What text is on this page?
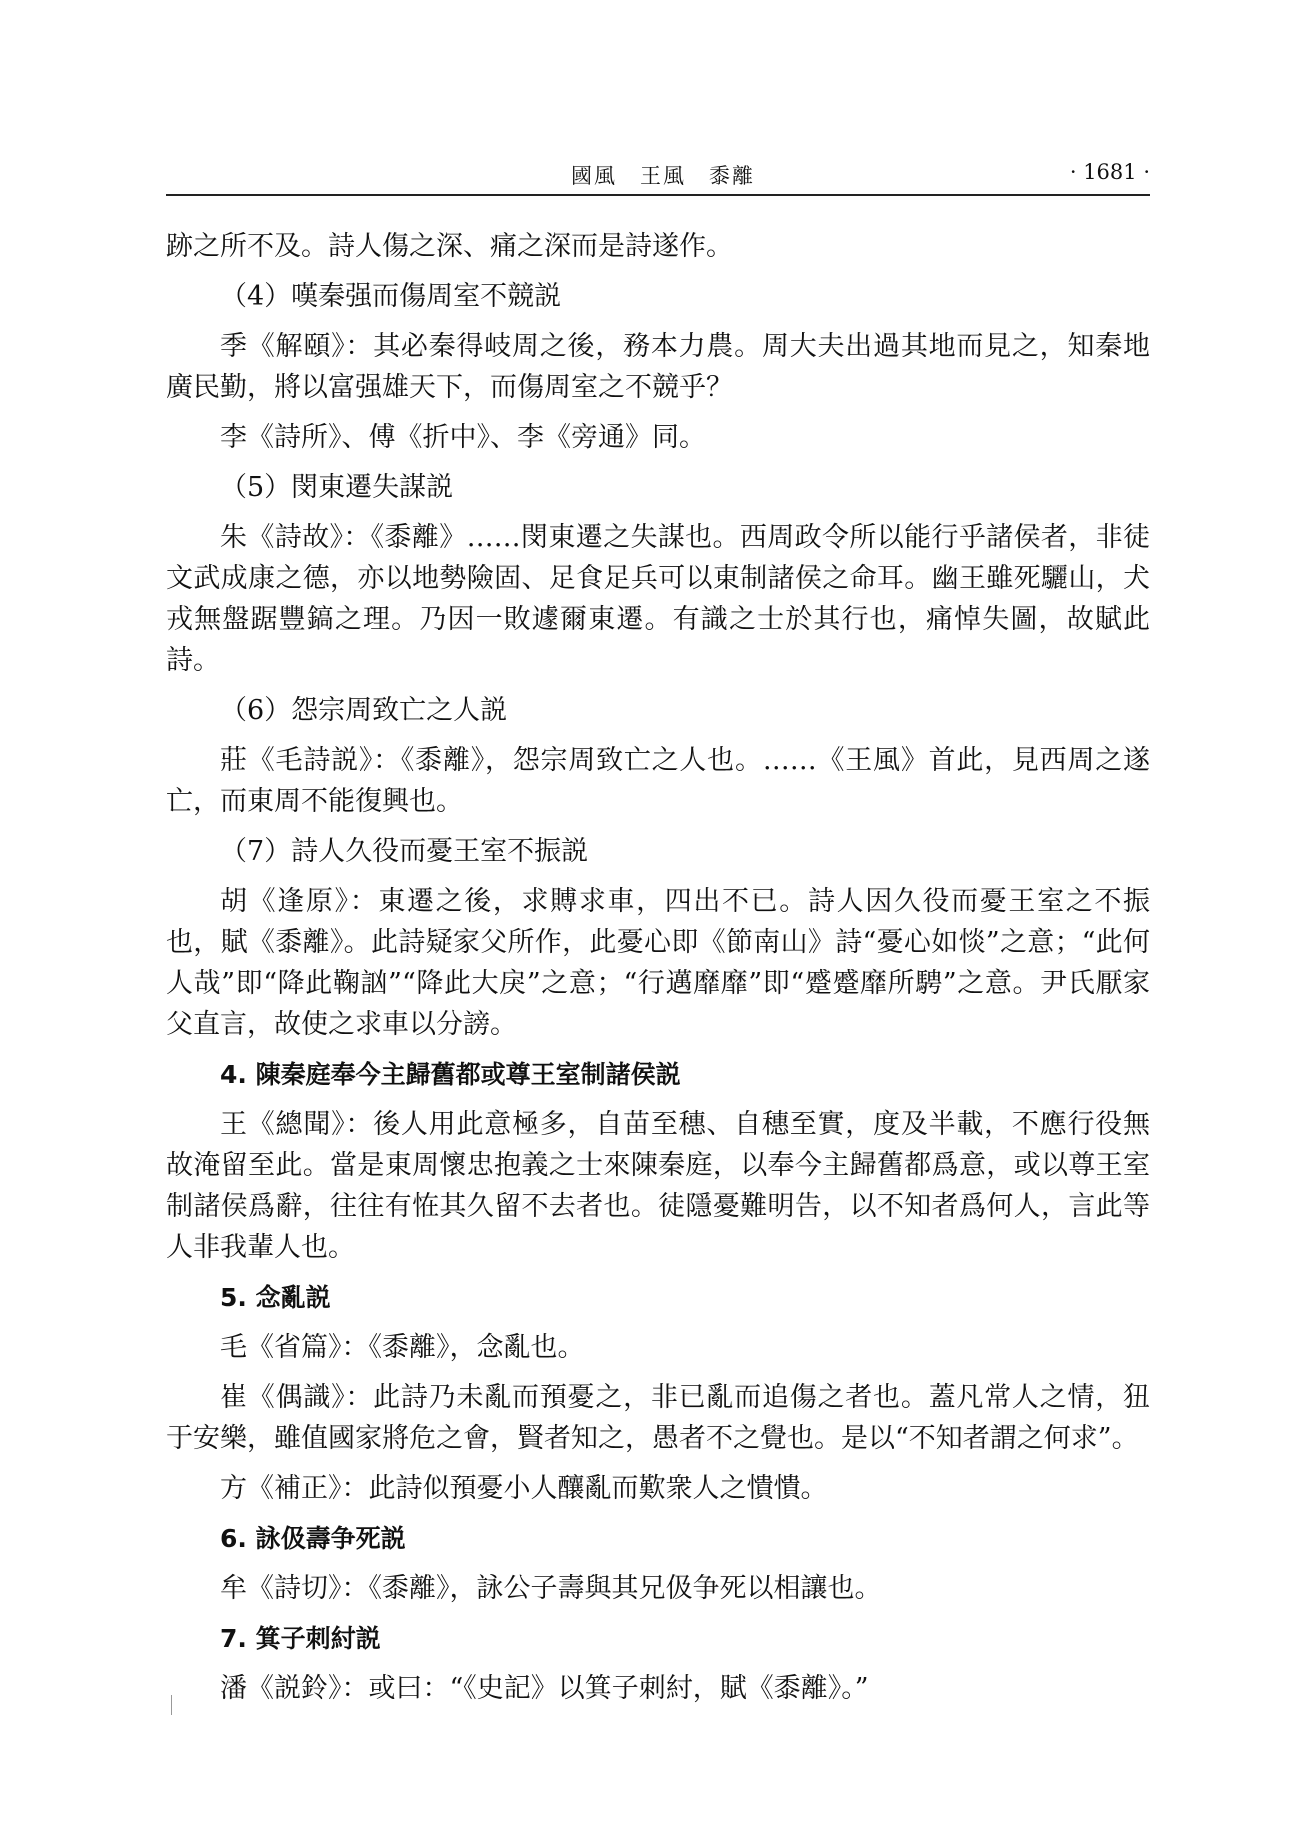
國風　王風　黍離	· 1681 ·

跡之所不及。詩人傷之深、痛之深而是詩遂作。

（4）嘆秦强而傷周室不競説

季《解頤》：其必秦得岐周之後，務本力農。周大夫出過其地而見之，知秦地廣民勤，將以富强雄天下，而傷周室之不競乎？

李《詩所》、傅《折中》、李《旁通》同。

（5）閔東遷失謀説

朱《詩故》：《黍離》……閔東遷之失謀也。西周政令所以能行乎諸侯者，非徒文武成康之德，亦以地勢險固、足食足兵可以東制諸侯之命耳。幽王雖死驪山，犬戎無盤踞豐鎬之理。乃因一敗遽爾東遷。有識之士於其行也，痛悼失圖，故賦此詩。

（6）怨宗周致亡之人説

莊《毛詩説》：《黍離》，怨宗周致亡之人也。……《王風》首此，見西周之遂亡，而東周不能復興也。

（7）詩人久役而憂王室不振説

胡《逢原》：東遷之後，求賻求車，四出不已。詩人因久役而憂王室之不振也，賦《黍離》。此詩疑家父所作，此憂心即《節南山》詩“憂心如惔”之意；“此何人哉”即“降此鞠訩”“降此大戾”之意；“行邁靡靡”即“蹙蹙靡所騁”之意。尹氏厭家父直言，故使之求車以分謗。

4. 陳秦庭奉今主歸舊都或尊王室制諸侯説

王《總聞》：後人用此意極多，自苗至穗、自穗至實，度及半載，不應行役無故淹留至此。當是東周懷忠抱義之士來陳秦庭，以奉今主歸舊都爲意，或以尊王室制諸侯爲辭，往往有恠其久留不去者也。徒隱憂難明告，以不知者爲何人，言此等人非我輩人也。

5. 念亂説

毛《省篇》：《黍離》，念亂也。

崔《偶識》：此詩乃未亂而預憂之，非已亂而追傷之者也。蓋凡常人之情，狃于安樂，雖值國家將危之會，賢者知之，愚者不之覺也。是以“不知者謂之何求”。

方《補正》：此詩似預憂小人釀亂而歎衆人之憒憒。

6. 詠伋壽争死説

牟《詩切》：《黍離》，詠公子壽與其兄伋争死以相讓也。

7. 箕子刺紂説

潘《説鈴》：或曰：“《史記》以箕子刺紂，賦《黍離》。”
